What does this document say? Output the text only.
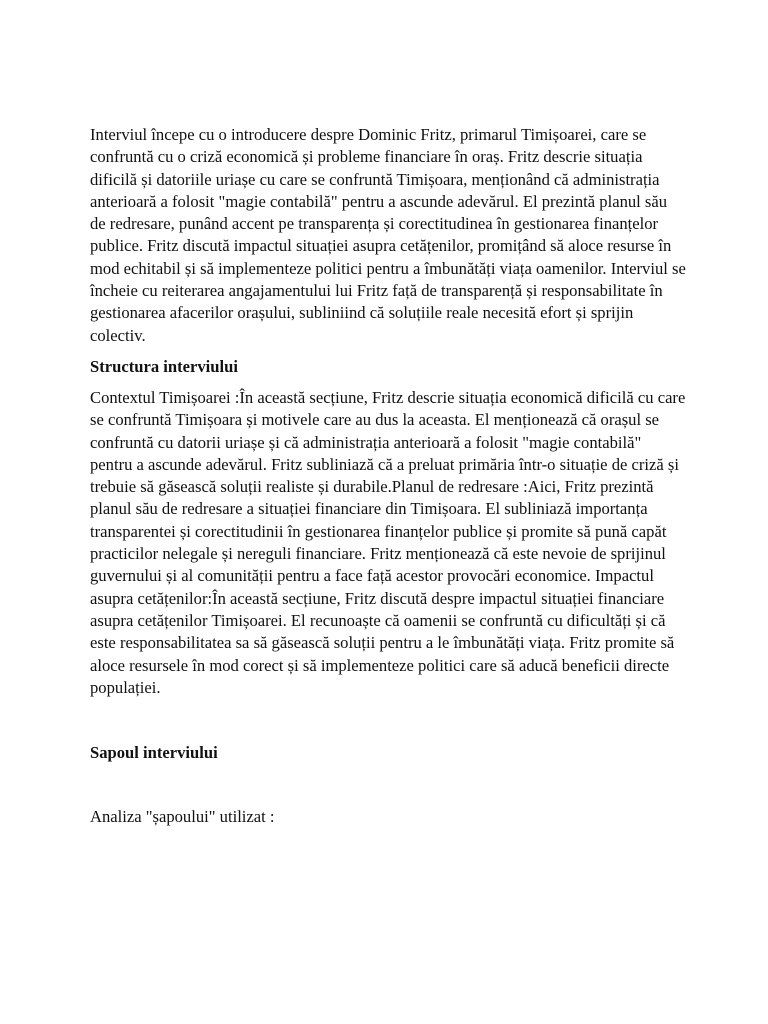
Interviul începe cu o introducere despre Dominic Fritz, primarul Timișoarei, care se confruntă cu o criză economică și probleme financiare în oraș. Fritz descrie situația dificilă și datoriile uriașe cu care se confruntă Timișoara, menționând că administrația anterioară a folosit "magie contabilă" pentru a ascunde adevărul. El prezintă planul său de redresare, punând accent pe transparența și corectitudinea în gestionarea finanțelor publice. Fritz discută impactul situației asupra cetățenilor, promițând să aloce resurse în mod echitabil și să implementeze politici pentru a îmbunătăți viața oamenilor. Interviul se încheie cu reiterarea angajamentului lui Fritz față de transparență și responsabilitate în gestionarea afacerilor orașului, subliniind că soluțiile reale necesită efort și sprijin colectiv.

Structura interviului

Contextul Timișoarei :În această secțiune, Fritz descrie situația economică dificilă cu care se confruntă Timișoara și motivele care au dus la aceasta. El menționează că orașul se confruntă cu datorii uriașe și că administrația anterioară a folosit "magie contabilă" pentru a ascunde adevărul. Fritz subliniază că a preluat primăria într-o situație de criză și trebuie să găsească soluții realiste și durabile.Planul de redresare :Aici, Fritz prezintă planul său de redresare a situației financiare din Timișoara. El subliniază importanța transparentei și corectitudinii în gestionarea finanțelor publice și promite să pună capăt practicilor nelegale și nereguli financiare. Fritz menționează că este nevoie de sprijinul guvernului și al comunității pentru a face față acestor provocări economice. Impactul asupra cetățenilor:În această secțiune, Fritz discută despre impactul situației financiare asupra cetățenilor Timișoarei. El recunoaște că oamenii se confruntă cu dificultăți și că este responsabilitatea sa să găsească soluții pentru a le îmbunătăți viața. Fritz promite să aloce resursele în mod corect și să implementeze politici care să aducă beneficii directe populației.

Sapoul interviului

Analiza "șapoului" utilizat :
